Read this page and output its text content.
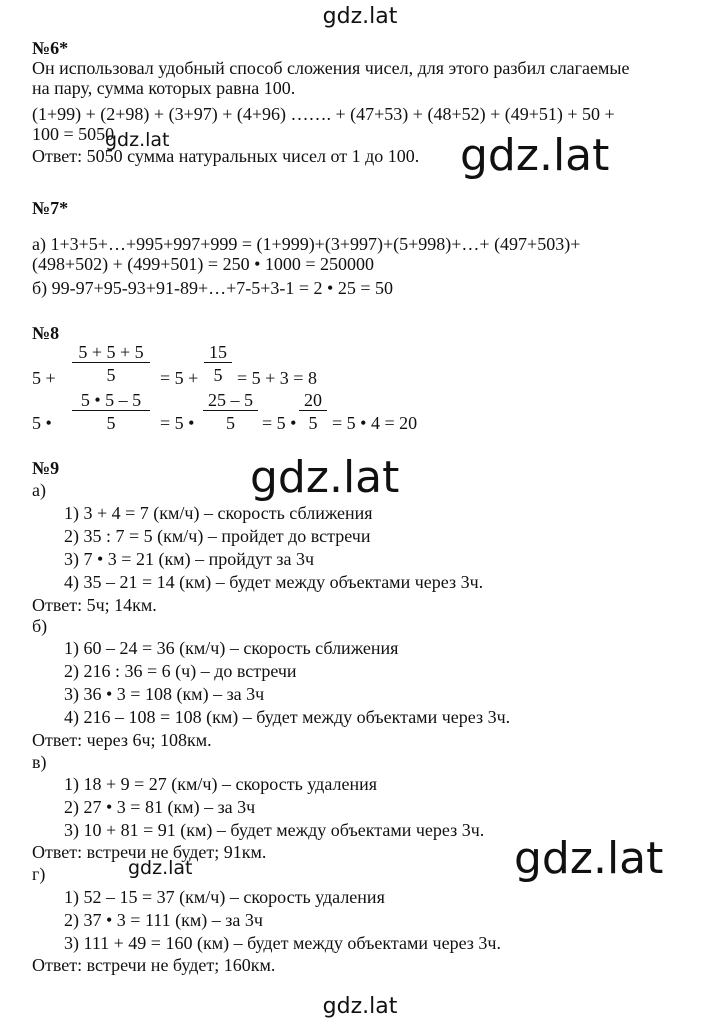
gdz.lat
gdz.lat	gdz.lat
gdz.lat
gdz.lat
gdz.lat
gdz.lat
№6*
Он использовал удобный способ сложения чисел, для этого разбил слагаемые
на пару, сумма которых равна 100.
(1+99) + (2+98) + (3+97) + (4+96) ……. + (47+53) + (48+52) + (49+51) + 50 +
100 = 5050
Ответ: 5050 сумма натуральных чисел от 1 до 100.
№7*
а) 1+3+5+…+995+997+999 = (1+999)+(3+997)+(5+998)+…+ (497+503)+
(498+502) + (499+501) = 250 • 1000 = 250000
б) 99-97+95-93+91-89+…+7-5+3-1 = 2 • 25 = 50
№8
$5 + \frac{5 + 5 + 5}{5} = 5 + \frac{15}{5} = 5 + 3 = 8$
5 • $\frac{5 • 5 - 5}{5} = 5$ • $\frac{25 - 5}{5} = 5$ • $\frac{20}{5} = 5$ • 4 = 20
№9
а)
1) 3 + 4 = 7 (км/ч) – скорость сближения
2) 35 : 7 = 5 (км/ч) – пройдет до встречи
3) 7 • 3 = 21 (км) – пройдут за 3ч
4) 35 – 21 = 14 (км) – будет между объектами через 3ч.
Ответ: 5ч; 14км.
б)
1) 60 – 24 = 36 (км/ч) – скорость сближения
2) 216 : 36 = 6 (ч) – до встречи
3) 36 • 3 = 108 (км) – за 3ч
4) 216 – 108 = 108 (км) – будет между объектами через 3ч.
Ответ: через 6ч; 108км.
в)
1) 18 + 9 = 27 (км/ч) – скорость удаления
2) 27 • 3 = 81 (км) – за 3ч
3) 10 + 81 = 91 (км) – будет между объектами через 3ч.
Ответ: встречи не будет; 91км.
г)
1) 52 – 15 = 37 (км/ч) – скорость удаления
2) 37 • 3 = 111 (км) – за 3ч
3) 111 + 49 = 160 (км) – будет между объектами через 3ч.
Ответ: встречи не будет; 160км.
